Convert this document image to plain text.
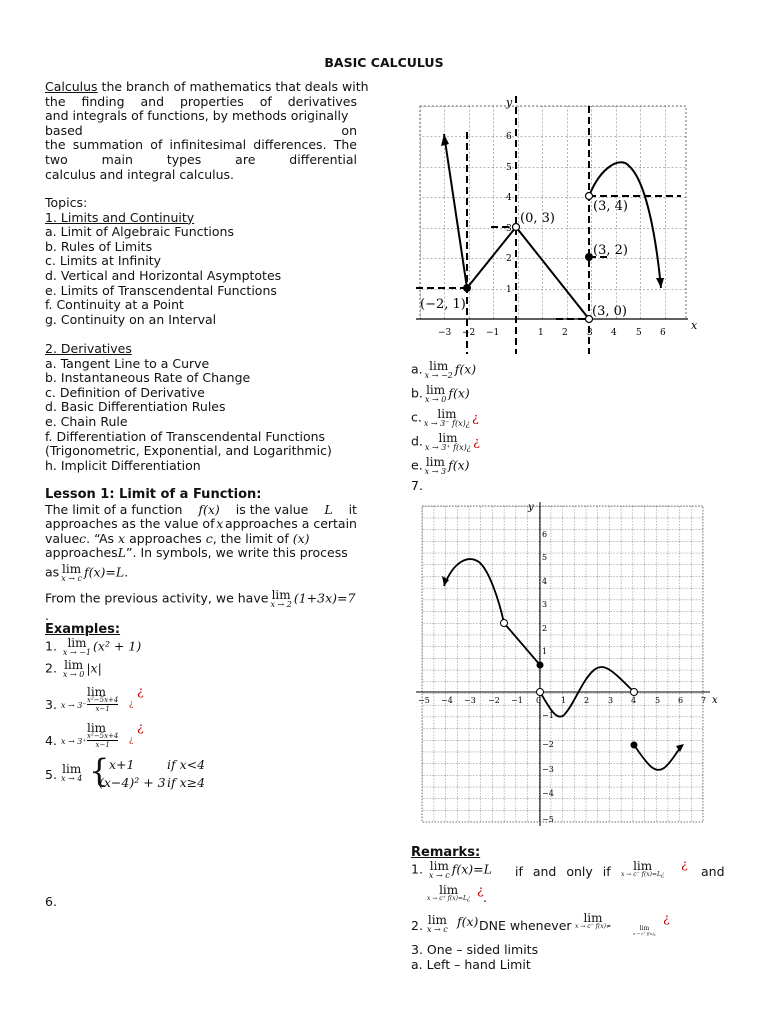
BASIC CALCULUS
Calculus the branch of mathematics that deals with
the finding and properties of derivatives
and integrals of functions, by methods originally
based on
the summation of infinitesimal differences. The
two main types are differential
calculus and integral calculus.
Topics:
1. Limits and Continuity
a. Limit of Algebraic Functions
b. Rules of Limits
c. Limits at Infinity
d. Vertical and Horizontal Asymptotes
e. Limits of Transcendental Functions
f. Continuity at a Point
g. Continuity on an Interval

2. Derivatives
a. Tangent Line to a Curve
b. Instantaneous Rate of Change
c. Definition of Derivative
d. Basic Differentiation Rules
e. Chain Rule
f. Differentiation of Transcendental Functions
(Trigonometric, Exponential, and Logarithmic)
h. Implicit Differentiation
Lesson 1: Limit of a Function:
The limit of a function f(x) is the value L it
approaches as the value of x approaches a certain
valuec. “As x approaches c, the limit of (x)
approachesL”. In symbols, we write this process
as lim
x → c f(x)=L.
From the previous activity, we have lim
x → 2 (1+3x)=7
.
Examples:
1. lim
x → −1 (x² + 1)
2. lim
x → 0 |x|
3.
lim ¿
x → 3⁻
x²−5x+4
x−1
¿
4.
lim ¿
x → 3⁺
x²−5x+4
x−1
¿
5. lim
x → 4 { x+1	if x<4
(x−4)² + 3 if x≥4
6.
x
y
−3 −2 −1	1 2 3 4 5 6
1
2
3
4
5
6
(−2, 1)
(0, 3)
(3, 4)
(3, 2)
(3, 0)
a. lim
x → −2 f(x)
b. lim
x → 0 f(x)
c.	lim
x → 3⁻ f(x)¿ ¿
d.	lim
x → 3⁺ f(x)¿ ¿
e. lim
x → 3 f(x)
7.
x
y
−5 −4 −3 −2 −1 0 1 2 3 4 5 6 7
6
5
4
3
2
1
−1
−2
−3
−4
−5
Remarks:
1. lim
x → c f(x)=L if and only if	lim
x → c⁻ f(x)=L¿
¿
and
lim
x → c⁺ f(x)=L¿
¿
.
2. lim
x → c
f(x) DNE whenever lim
x → c⁻ f(x)≠	lim
x → c⁺ f(x)¿
¿
3. One – sided limits
a. Left – hand Limit
